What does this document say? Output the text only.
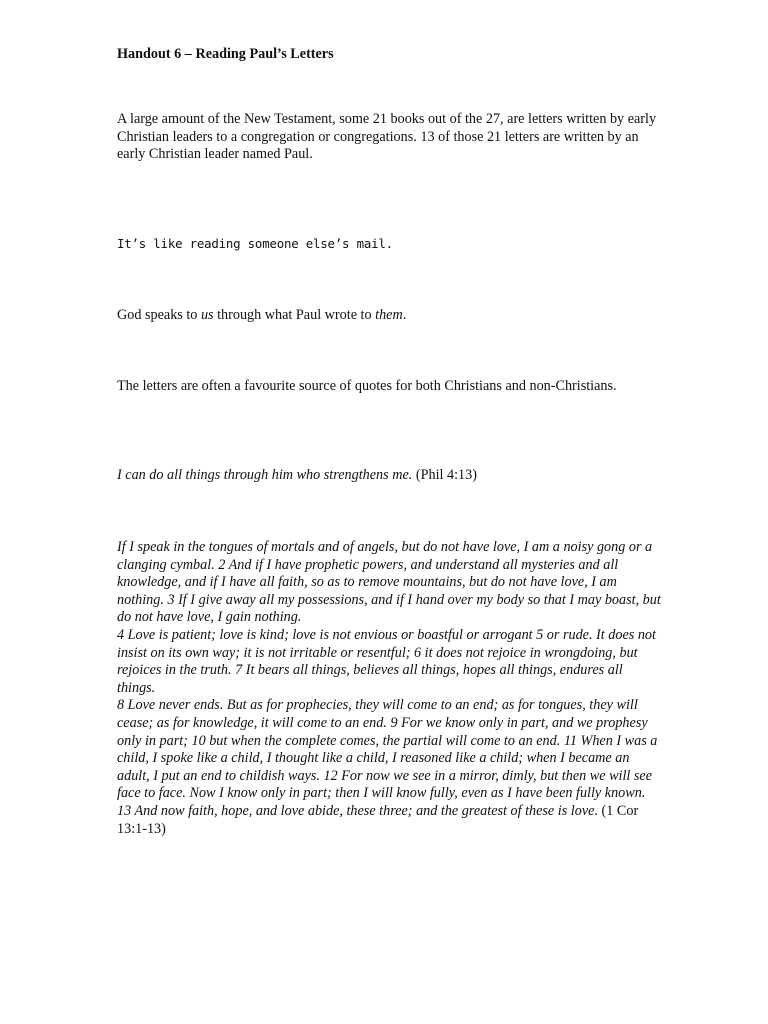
Handout 6 – Reading Paul’s Letters

A large amount of the New Testament, some 21 books out of the 27, are letters written by early Christian leaders to a congregation or congregations. 13 of those 21 letters are written by an early Christian leader named Paul.

It’s like reading someone else’s mail.

God speaks to us through what Paul wrote to them.

The letters are often a favourite source of quotes for both Christians and non-Christians.

I can do all things through him who strengthens me. (Phil 4:13)

If I speak in the tongues of mortals and of angels, but do not have love, I am a noisy gong or a clanging cymbal. 2 And if I have prophetic powers, and understand all mysteries and all knowledge, and if I have all faith, so as to remove mountains, but do not have love, I am nothing. 3 If I give away all my possessions, and if I hand over my body so that I may boast, but do not have love, I gain nothing.
4 Love is patient; love is kind; love is not envious or boastful or arrogant 5 or rude. It does not insist on its own way; it is not irritable or resentful; 6 it does not rejoice in wrongdoing, but rejoices in the truth. 7 It bears all things, believes all things, hopes all things, endures all things.
8 Love never ends. But as for prophecies, they will come to an end; as for tongues, they will cease; as for knowledge, it will come to an end. 9 For we know only in part, and we prophesy only in part; 10 but when the complete comes, the partial will come to an end. 11 When I was a child, I spoke like a child, I thought like a child, I reasoned like a child; when I became an adult, I put an end to childish ways. 12 For now we see in a mirror, dimly, but then we will see face to face. Now I know only in part; then I will know fully, even as I have been fully known. 13 And now faith, hope, and love abide, these three; and the greatest of these is love. (1 Cor 13:1-13)
